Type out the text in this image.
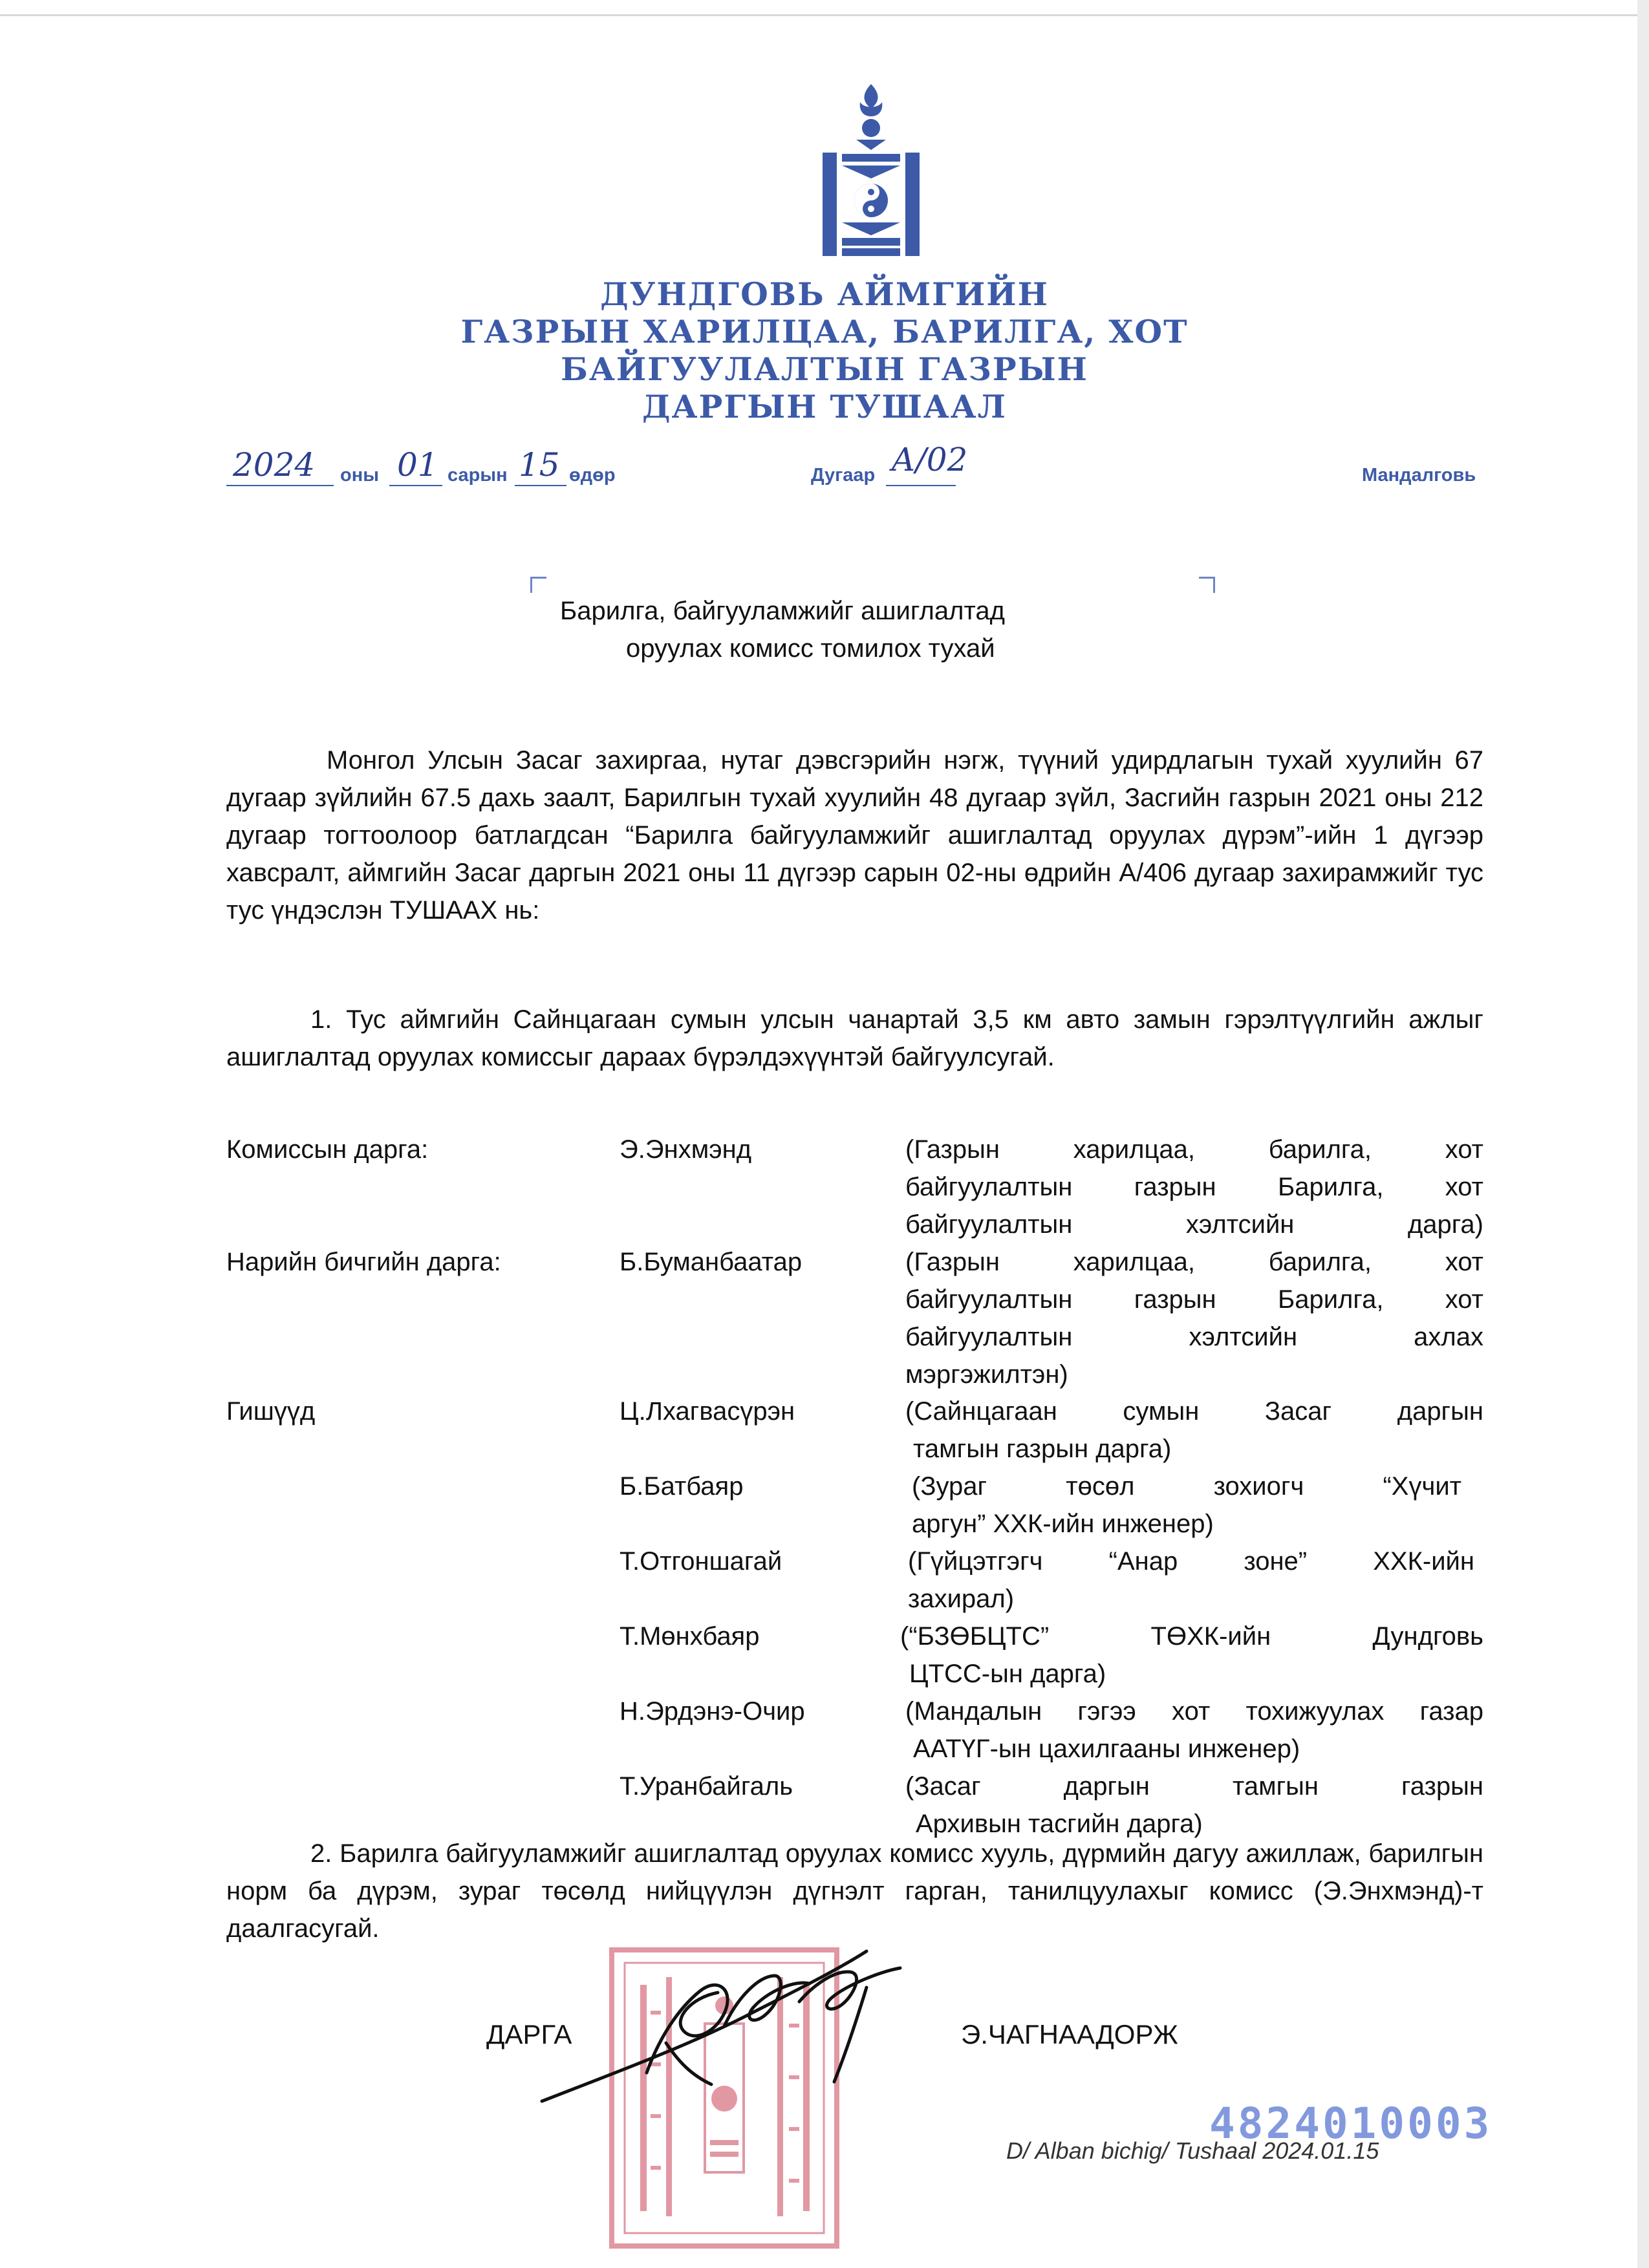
ДУНДГОВЬ АЙМГИЙН
ГАЗРЫН ХАРИЛЦАА, БАРИЛГА, ХОТ
БАЙГУУЛАЛТЫН ГАЗРЫН
ДАРГЫН ТУШААЛ
2024 оны 01 сарын 15 өдөр	Дугаар А/02	Мандалговь
Барилга, байгууламжийг ашиглалтад
оруулах комисс томилох тухай
Монгол Улсын Засаг захиргаа, нутаг дэвсгэрийн нэгж, түүний удирдлагын тухай хуулийн 67 дугаар зүйлийн 67.5 дахь заалт, Барилгын тухай хуулийн 48 дугаар зүйл, Засгийн газрын 2021 оны 212 дугаар тогтоолоор батлагдсан “Барилга байгууламжийг ашиглалтад оруулах дүрэм”-ийн 1 дүгээр хавсралт, аймгийн Засаг даргын 2021 оны 11 дүгээр сарын 02-ны өдрийн А/406 дугаар захирамжийг тус тус үндэслэн ТУШААХ нь:
1. Тус аймгийн Сайнцагаан сумын улсын чанартай 3,5 км авто замын гэрэлтүүлгийн ажлыг ашиглалтад оруулах комиссыг дараах бүрэлдэхүүнтэй байгуулсугай.
Комиссын дарга:	Э.Энхмэнд	(Газрын харилцаа, барилга, хот
байгуулалтын газрын Барилга, хот
байгуулалтын хэлтсийн дарга)
Нарийн бичгийн дарга:	Б.Буманбаатар	(Газрын харилцаа, барилга, хот
байгуулалтын газрын Барилга, хот
байгуулалтын хэлтсийн ахлах
мэргэжилтэн)
Гишүүд	Ц.Лхагвасүрэн	(Сайнцагаан сумын Засаг даргын
тамгын газрын дарга)
Б.Батбаяр	(Зураг төсөл зохиогч “Хүчит
аргун” ХХК-ийн инженер)
Т.Отгоншагай	(Гүйцэтгэгч “Анар зоне” ХХК-ийн
захирал)
Т.Мөнхбаяр	(“БЗӨБЦТС” ТӨХК-ийн Дундговь
ЦТСС-ын дарга)
Н.Эрдэнэ-Очир	(Мандалын гэгээ хот тохижуулах газар
ААТҮГ-ын цахилгааны инженер)
Т.Уранбайгаль	(Засаг даргын тамгын газрын
Архивын тасгийн дарга)
2. Барилга байгууламжийг ашиглалтад оруулах комисс хууль, дүрмийн дагуу ажиллаж, барилгын норм ба дүрэм, зураг төсөлд нийцүүлэн дүгнэлт гарган, танилцуулахыг комисс (Э.Энхмэнд)-т даалгасугай.
ДАРГА	Э.ЧАГНААДОРЖ
4824010003
D/ Alban bichig/ Tushaal 2024.01.15
